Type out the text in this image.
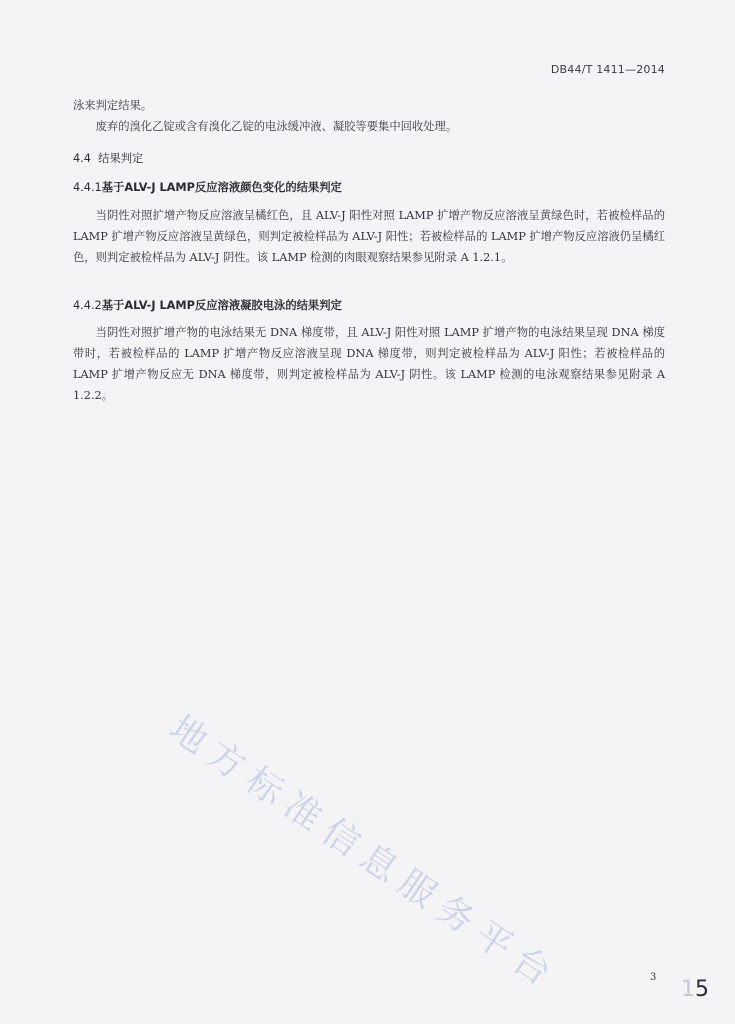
DB44/T 1411—2014

泳来判定结果。

废弃的溴化乙锭或含有溴化乙锭的电泳缓冲液、凝胶等要集中回收处理。

4.4 结果判定
4.4.1基于ALV-J LAMP反应溶液颜色变化的结果判定

当阴性对照扩增产物反应溶液呈橘红色，且 ALV-J 阳性对照 LAMP 扩增产物反应溶液呈黄绿色时，若被检样品的 LAMP 扩增产物反应溶液呈黄绿色，则判定被检样品为 ALV-J 阳性；若被检样品的 LAMP 扩增产物反应溶液仍呈橘红色，则判定被检样品为 ALV-J 阴性。该 LAMP 检测的肉眼观察结果参见附录 A 1.2.1。

4.4.2基于ALV-J LAMP反应溶液凝胶电泳的结果判定

当阴性对照扩增产物的电泳结果无 DNA 梯度带，且 ALV-J 阳性对照 LAMP 扩增产物的电泳结果呈现 DNA 梯度带时，若被检样品的 LAMP 扩增产物反应溶液呈现 DNA 梯度带，则判定被检样品为 ALV-J 阳性；若被检样品的 LAMP 扩增产物反应无 DNA 梯度带，则判定被检样品为 ALV-J 阴性。该 LAMP 检测的电泳观察结果参见附录 A 1.2.2。

地方标准信息服务平台	3 15
